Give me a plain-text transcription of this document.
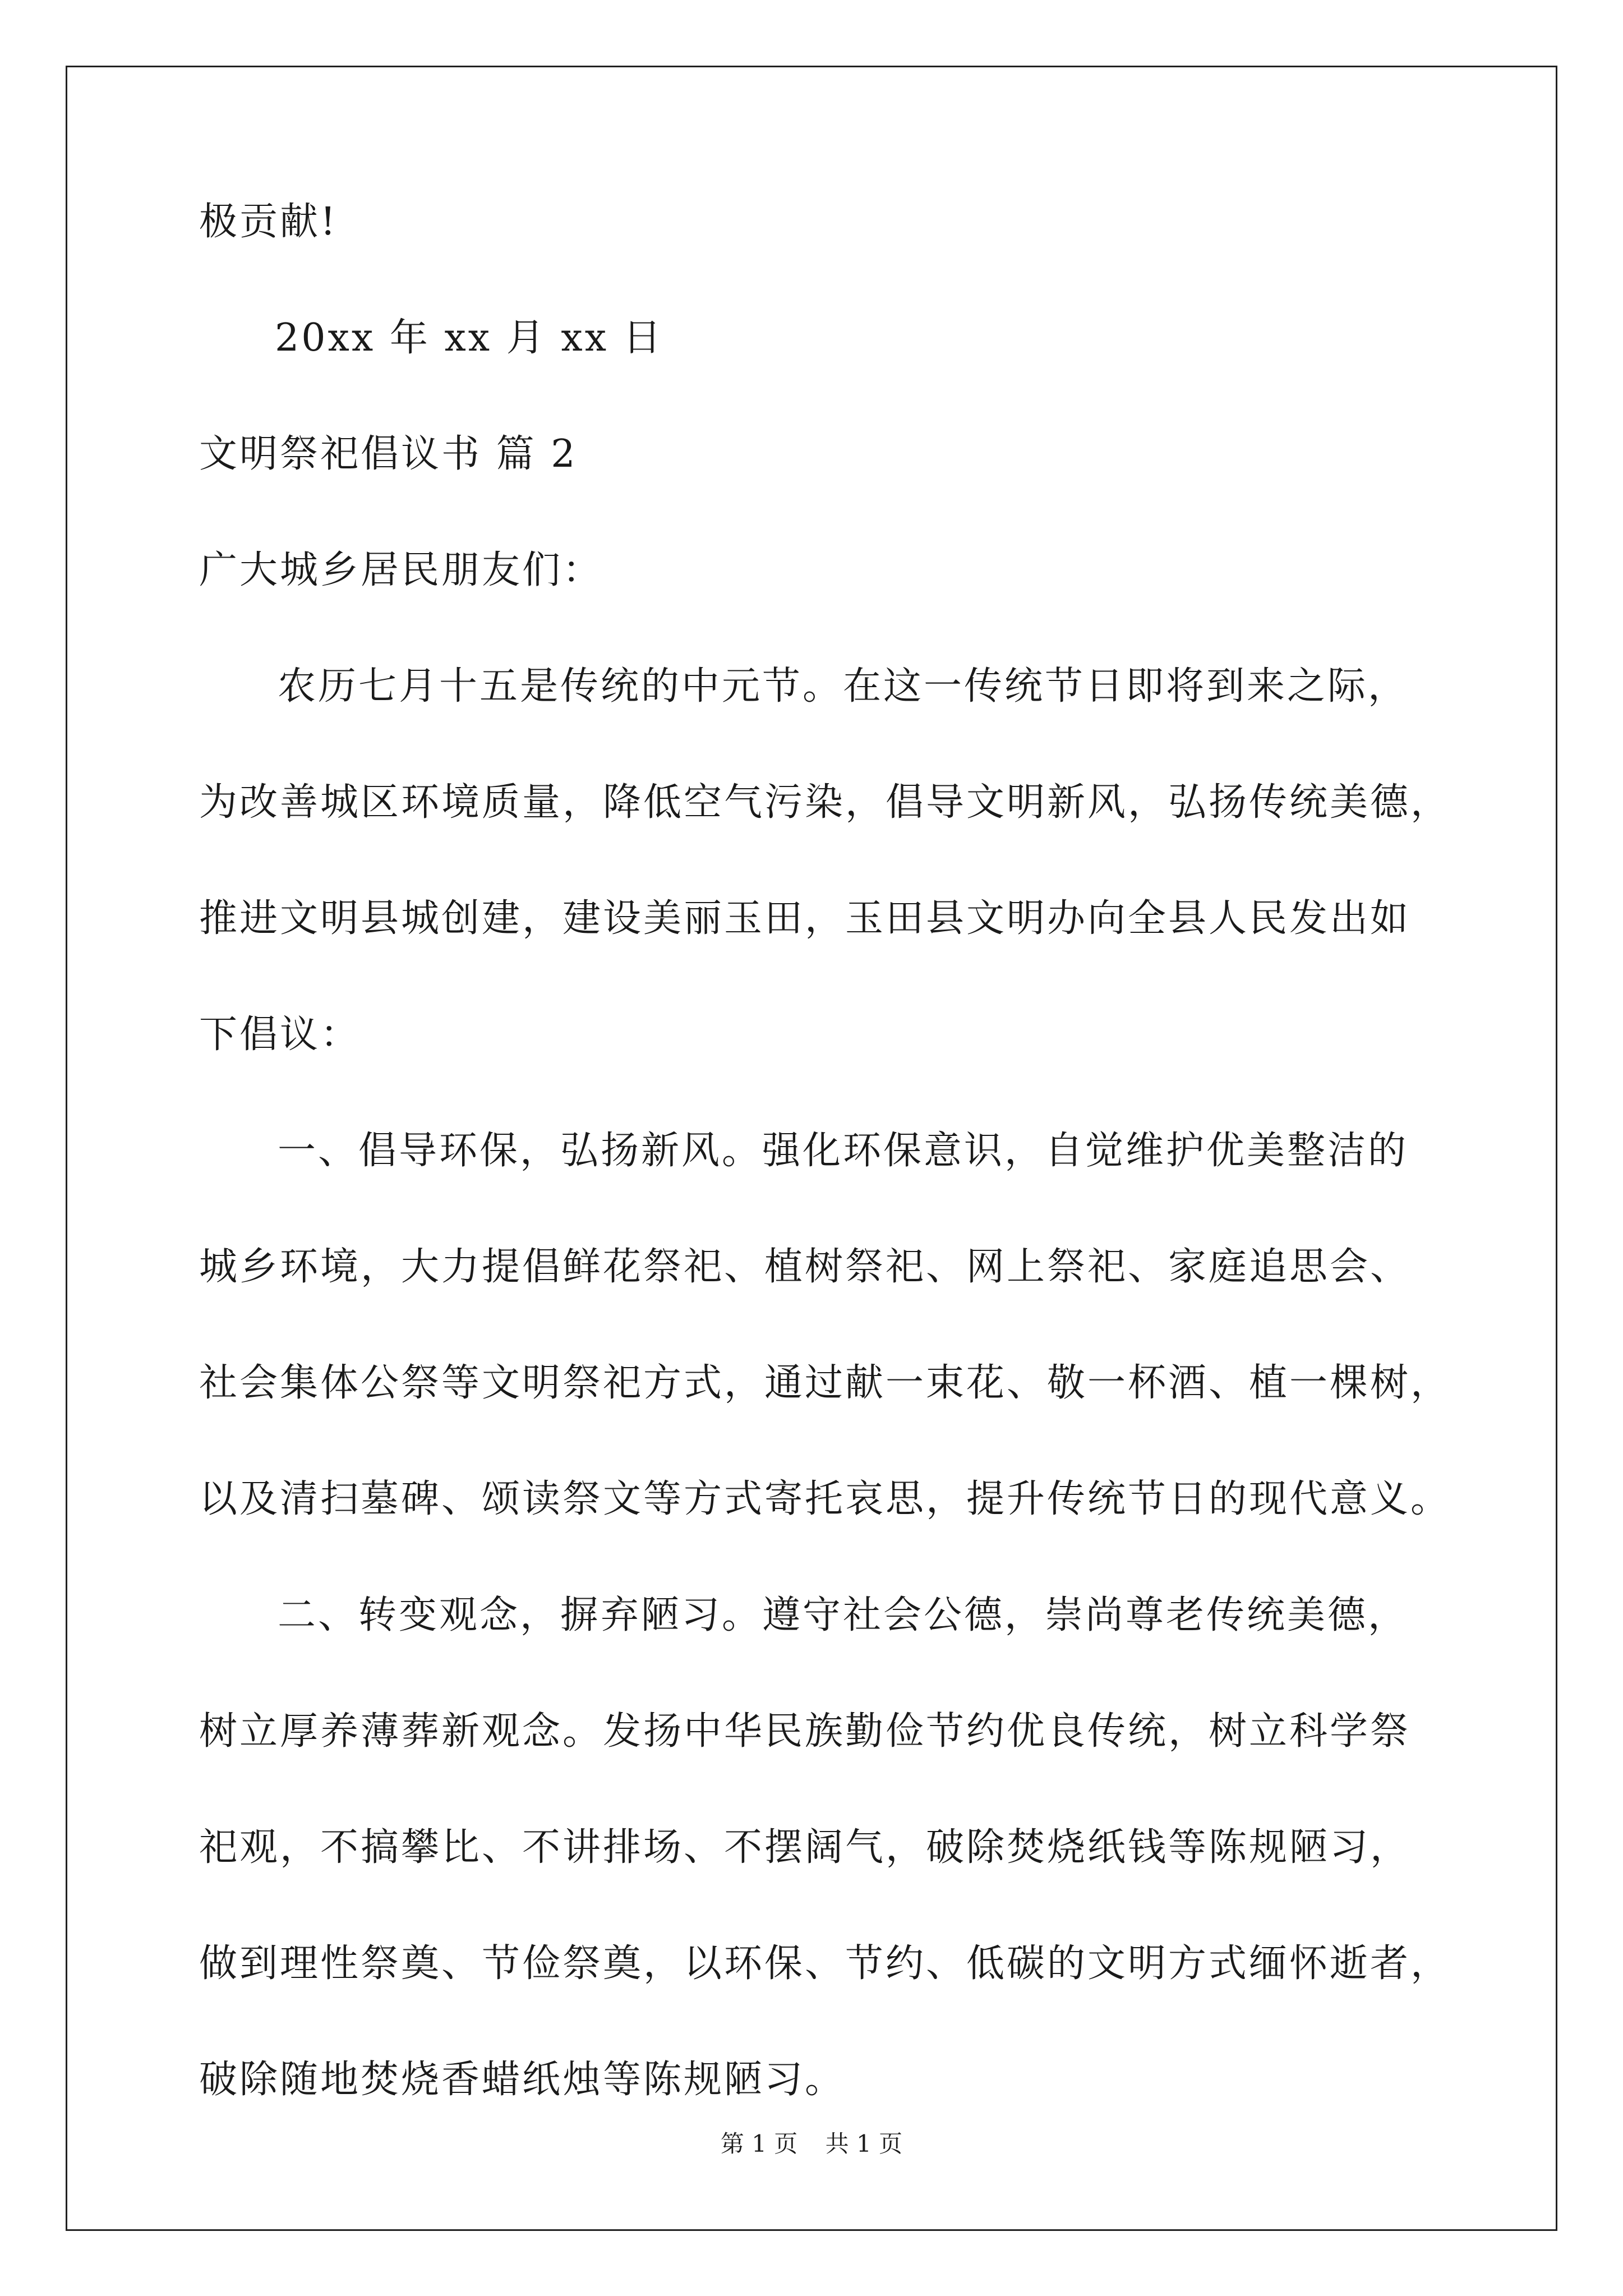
极贡献!

20xx 年 xx 月 xx 日

文明祭祀倡议书 篇 2

广大城乡居民朋友们：

农历七月十五是传统的中元节。在这一传统节日即将到来之际，

为改善城区环境质量，降低空气污染，倡导文明新风，弘扬传统美德，

推进文明县城创建，建设美丽玉田，玉田县文明办向全县人民发出如

下倡议：

一、倡导环保，弘扬新风。强化环保意识，自觉维护优美整洁的

城乡环境，大力提倡鲜花祭祀、植树祭祀、网上祭祀、家庭追思会、

社会集体公祭等文明祭祀方式，通过献一束花、敬一杯酒、植一棵树，

以及清扫墓碑、颂读祭文等方式寄托哀思，提升传统节日的现代意义。

二、转变观念，摒弃陋习。遵守社会公德，崇尚尊老传统美德，

树立厚养薄葬新观念。发扬中华民族勤俭节约优良传统，树立科学祭

祀观，不搞攀比、不讲排场、不摆阔气，破除焚烧纸钱等陈规陋习，

做到理性祭奠、节俭祭奠，以环保、节约、低碳的文明方式缅怀逝者，

破除随地焚烧香蜡纸烛等陈规陋习。

第 1 页 共 1 页
